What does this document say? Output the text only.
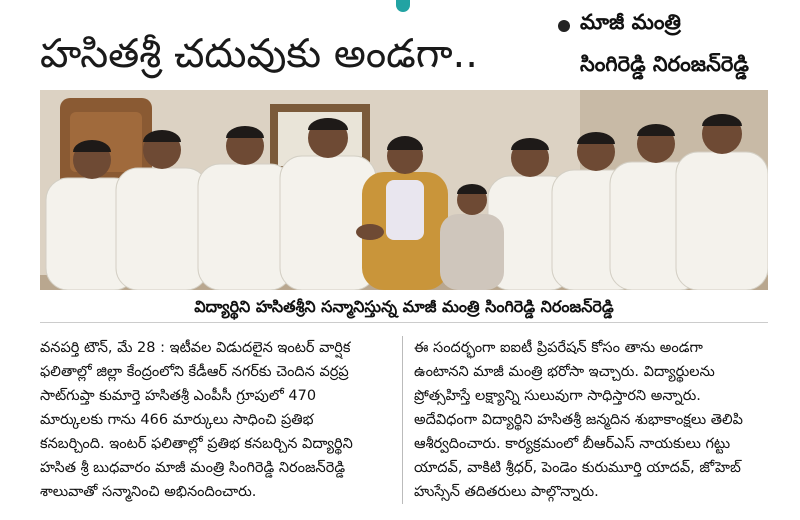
హసితశ్రీ చదువుకు అండగా..
మాజీ మంత్రి
సింగిరెడ్డి నిరంజన్‌రెడ్డి
విద్యార్థిని హసితశ్రీని సన్మానిస్తున్న మాజీ మంత్రి సింగిరెడ్డి నిరంజన్‌రెడ్డి
వనపర్తి టౌన్, మే 28 : ఇటీవల విడుదలైన ఇంటర్ వార్షిక ఫలితాల్లో జిల్లా కేంద్రంలోని కేడీఆర్ నగర్‌కు చెందిన వర్రప్ర సాట్‌గుప్తా కుమార్తె హసితశ్రీ ఎంపీసీ గ్రూపులో 470 మార్కులకు గాను 466 మార్కులు సాధించి ప్రతిభ కనబర్చింది. ఇంటర్ ఫలితాల్లో ప్రతిభ కనబర్చిన విద్యార్థిని హసిత శ్రీ బుధవారం మాజీ మంత్రి సింగిరెడ్డి నిరంజన్‌రెడ్డి శాలువాతో సన్మానించి అభినందించారు.
ఈ సందర్భంగా ఐఐటీ ప్రిపరేషన్ కోసం తాను అండగా ఉంటానని మాజీ మంత్రి భరోసా ఇచ్చారు. విద్యార్థులను ప్రోత్సహిస్తే లక్ష్యాన్ని సులువుగా సాధిస్తారని అన్నారు. అదేవిధంగా విద్యార్థిని హసితశ్రీ జన్మదిన శుభాకాంక్షలు తెలిపి ఆశీర్వదించారు. కార్యక్రమంలో బీఆర్ఎస్ నాయకులు గట్టు యాదవ్, వాకిటి శ్రీధర్, పెండెం కురుమూర్తి యాదవ్, జోహెబ్ హుస్సేన్ తదితరులు పాల్గొన్నారు.
